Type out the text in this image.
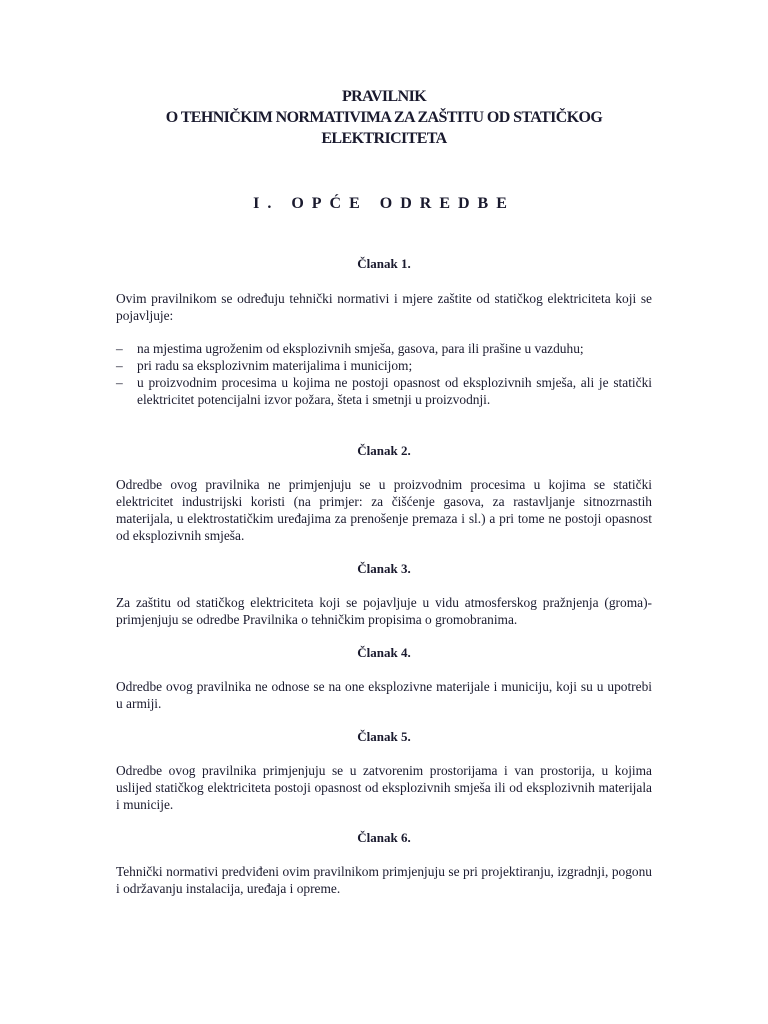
PRAVILNIK
O TEHNIČKIM NORMATIVIMA ZA ZAŠTITU OD STATIČKOG
ELEKTRICITETA
I. OPĆE ODREDBE
Članak 1.
Ovim pravilnikom se određuju tehnički normativi i mjere zaštite od statičkog elektriciteta koji se pojavljuje:
– na mjestima ugroženim od eksplozivnih smješa, gasova, para ili prašine u vazduhu;
– pri radu sa eksplozivnim materijalima i municijom;
– u proizvodnim procesima u kojima ne postoji opasnost od eksplozivnih smješa, ali je statički elektricitet potencijalni izvor požara, šteta i smetnji u proizvodnji.
Članak 2.
Odredbe ovog pravilnika ne primjenjuju se u proizvodnim procesima u kojima se statički elektricitet industrijski koristi (na primjer: za čišćenje gasova, za rastavljanje sitnozrnastih materijala, u elektrostatičkim uređajima za prenošenje premaza i sl.) a pri tome ne postoji opasnost od eksplozivnih smješa.
Članak 3.
Za zaštitu od statičkog elektriciteta koji se pojavljuje u vidu atmosferskog pražnjenja (groma)-primjenjuju se odredbe Pravilnika o tehničkim propisima o gromobranima.
Članak 4.
Odredbe ovog pravilnika ne odnose se na one eksplozivne materijale i municiju, koji su u upotrebi u armiji.
Članak 5.
Odredbe ovog pravilnika primjenjuju se u zatvorenim prostorijama i van prostorija, u kojima uslijed statičkog elektriciteta postoji opasnost od eksplozivnih smješa ili od eksplozivnih materijala i municije.
Članak 6.
Tehnički normativi predviđeni ovim pravilnikom primjenjuju se pri projektiranju, izgradnji, pogonu i održavanju instalacija, uređaja i opreme.
